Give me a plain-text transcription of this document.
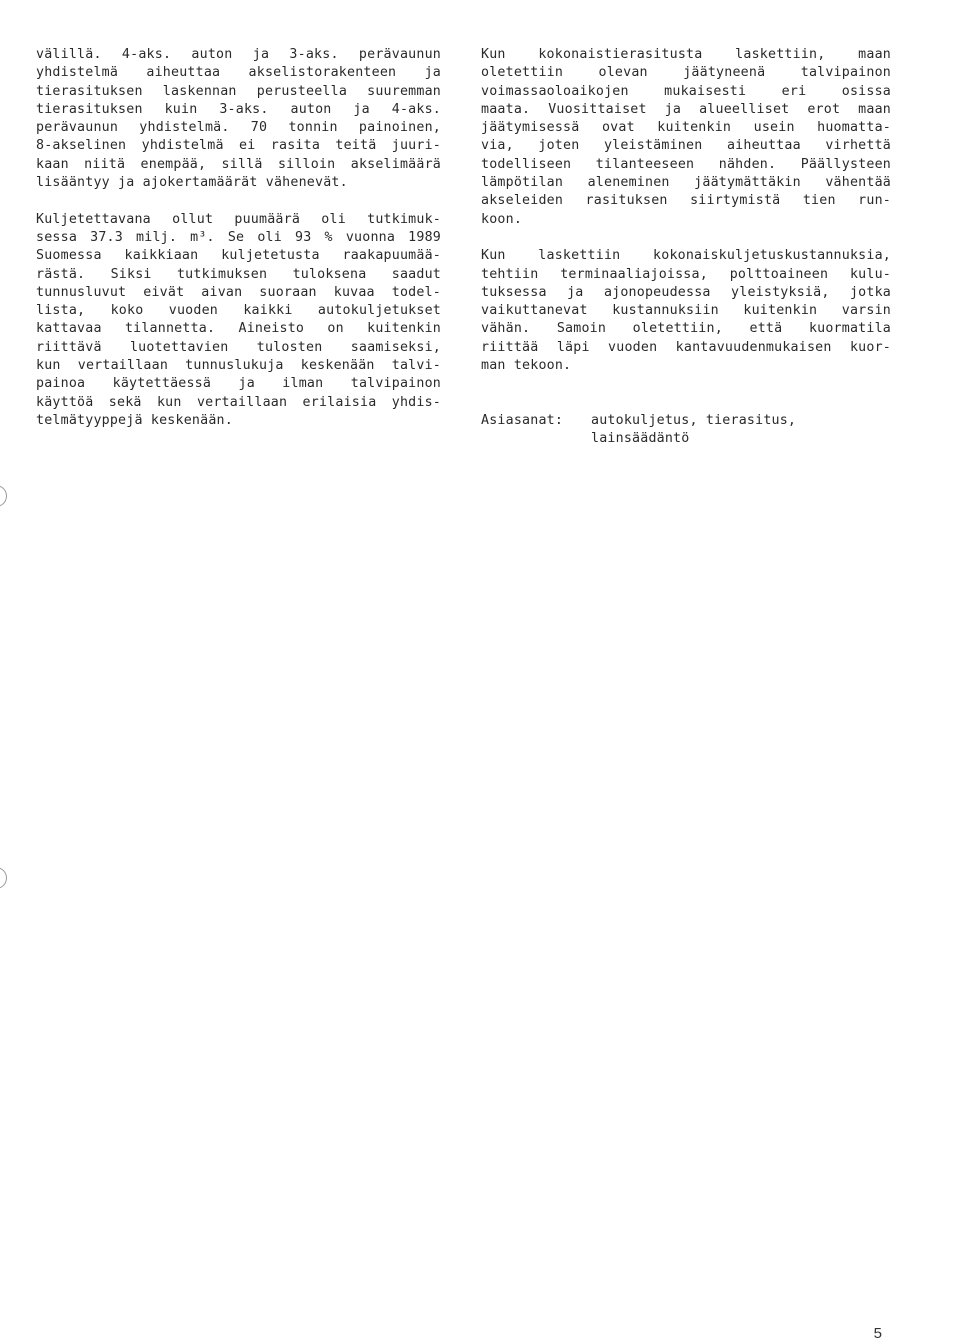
välillä. 4-aks. auton ja 3-aks. perävaunun
yhdistelmä aiheuttaa akselistorakenteen ja
tierasituksen laskennan perusteella suuremman
tierasituksen kuin 3-aks. auton ja 4-aks.
perävaunun yhdistelmä. 70 tonnin painoinen,
8-akselinen yhdistelmä ei rasita teitä juuri-
kaan niitä enempää, sillä silloin akselimäärä
lisääntyy ja ajokertamäärät vähenevät.
Kuljetettavana ollut puumäärä oli tutkimuk-
sessa 37.3 milj. m³. Se oli 93 % vuonna 1989
Suomessa kaikkiaan kuljetetusta raakapuumää-
rästä. Siksi tutkimuksen tuloksena saadut
tunnusluvut eivät aivan suoraan kuvaa todel-
lista, koko vuoden kaikki autokuljetukset
kattavaa tilannetta. Aineisto on kuitenkin
riittävä luotettavien tulosten saamiseksi,
kun vertaillaan tunnuslukuja keskenään talvi-
painoa käytettäessä ja ilman talvipainon
käyttöä sekä kun vertaillaan erilaisia yhdis-
telmätyyppejä keskenään.
Kun kokonaistierasitusta laskettiin, maan
oletettiin olevan jäätyneenä talvipainon
voimassaoloaikojen mukaisesti eri osissa
maata. Vuosittaiset ja alueelliset erot maan
jäätymisessä ovat kuitenkin usein huomatta-
via, joten yleistäminen aiheuttaa virhettä
todelliseen tilanteeseen nähden. Päällysteen
lämpötilan aleneminen jäätymättäkin vähentää
akseleiden rasituksen siirtymistä tien run-
koon.
Kun laskettiin kokonaiskuljetuskustannuksia,
tehtiin terminaaliajoissa, polttoaineen kulu-
tuksessa ja ajonopeudessa yleistyksiä, jotka
vaikuttanevat kustannuksiin kuitenkin varsin
vähän. Samoin oletettiin, että kuormatila
riittää läpi vuoden kantavuudenmukaisen kuor-
man tekoon.
Asiasanat:	autokuljetus, tierasitus,
lainsäädäntö
5
